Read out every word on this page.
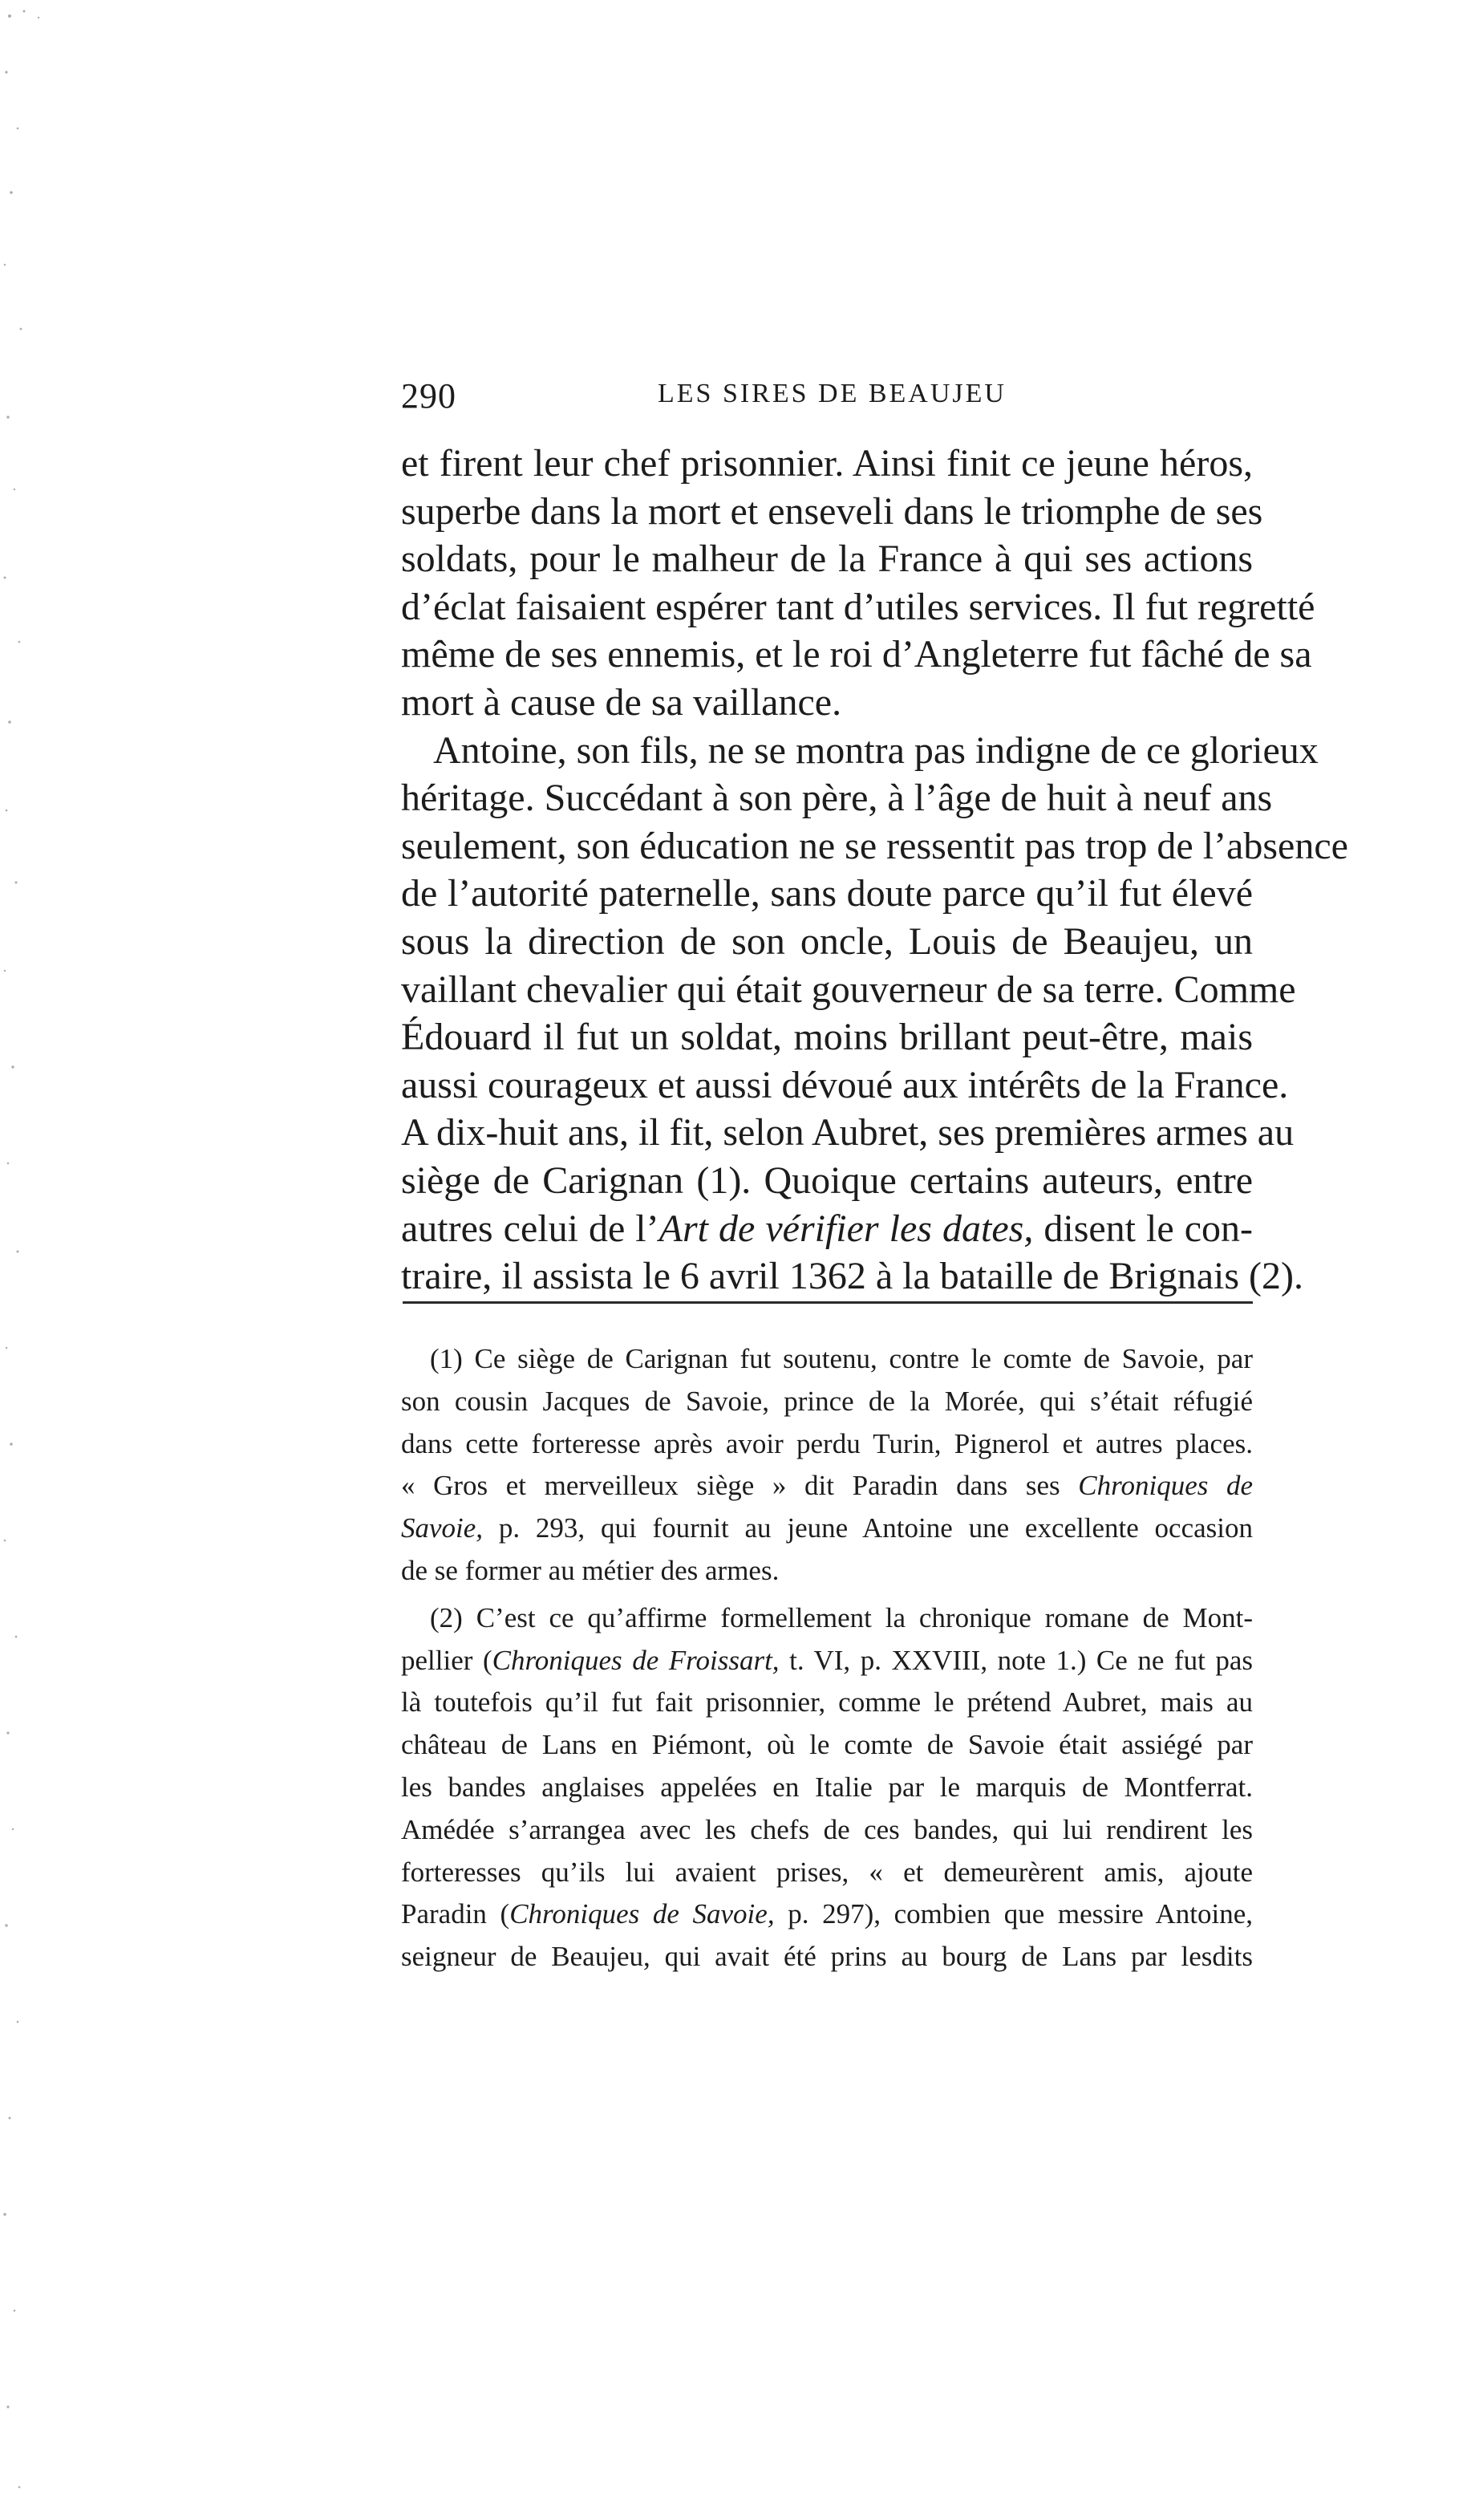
290	LES SIRES DE BEAUJEU
et firent leur chef prisonnier. Ainsi finit ce jeune héros,
superbe dans la mort et enseveli dans le triomphe de ses
soldats, pour le malheur de la France à qui ses actions
d’éclat faisaient espérer tant d’utiles services. Il fut regretté
même de ses ennemis, et le roi d’Angleterre fut fâché de sa
mort à cause de sa vaillance.
Antoine, son fils, ne se montra pas indigne de ce glorieux
héritage. Succédant à son père, à l’âge de huit à neuf ans
seulement, son éducation ne se ressentit pas trop de l’absence
de l’autorité paternelle, sans doute parce qu’il fut élevé
sous la direction de son oncle, Louis de Beaujeu, un
vaillant chevalier qui était gouverneur de sa terre. Comme
Édouard il fut un soldat, moins brillant peut-être, mais
aussi courageux et aussi dévoué aux intérêts de la France.
A dix-huit ans, il fit, selon Aubret, ses premières armes au
siège de Carignan (1). Quoique certains auteurs, entre
autres celui de l’Art de vérifier les dates, disent le con-
traire, il assista le 6 avril 1362 à la bataille de Brignais (2).
(1) Ce siège de Carignan fut soutenu, contre le comte de Savoie, par
son cousin Jacques de Savoie, prince de la Morée, qui s’était réfugié
dans cette forteresse après avoir perdu Turin, Pignerol et autres places.
« Gros et merveilleux siège » dit Paradin dans ses Chroniques de
Savoie, p. 293, qui fournit au jeune Antoine une excellente occasion
de se former au métier des armes.
(2) C’est ce qu’affirme formellement la chronique romane de Mont-
pellier (Chroniques de Froissart, t. VI, p. XXVIII, note 1.) Ce ne fut pas
là toutefois qu’il fut fait prisonnier, comme le prétend Aubret, mais au
château de Lans en Piémont, où le comte de Savoie était assiégé par
les bandes anglaises appelées en Italie par le marquis de Montferrat.
Amédée s’arrangea avec les chefs de ces bandes, qui lui rendirent les
forteresses qu’ils lui avaient prises, « et demeurèrent amis, ajoute
Paradin (Chroniques de Savoie, p. 297), combien que messire Antoine,
seigneur de Beaujeu, qui avait été prins au bourg de Lans par lesdits
